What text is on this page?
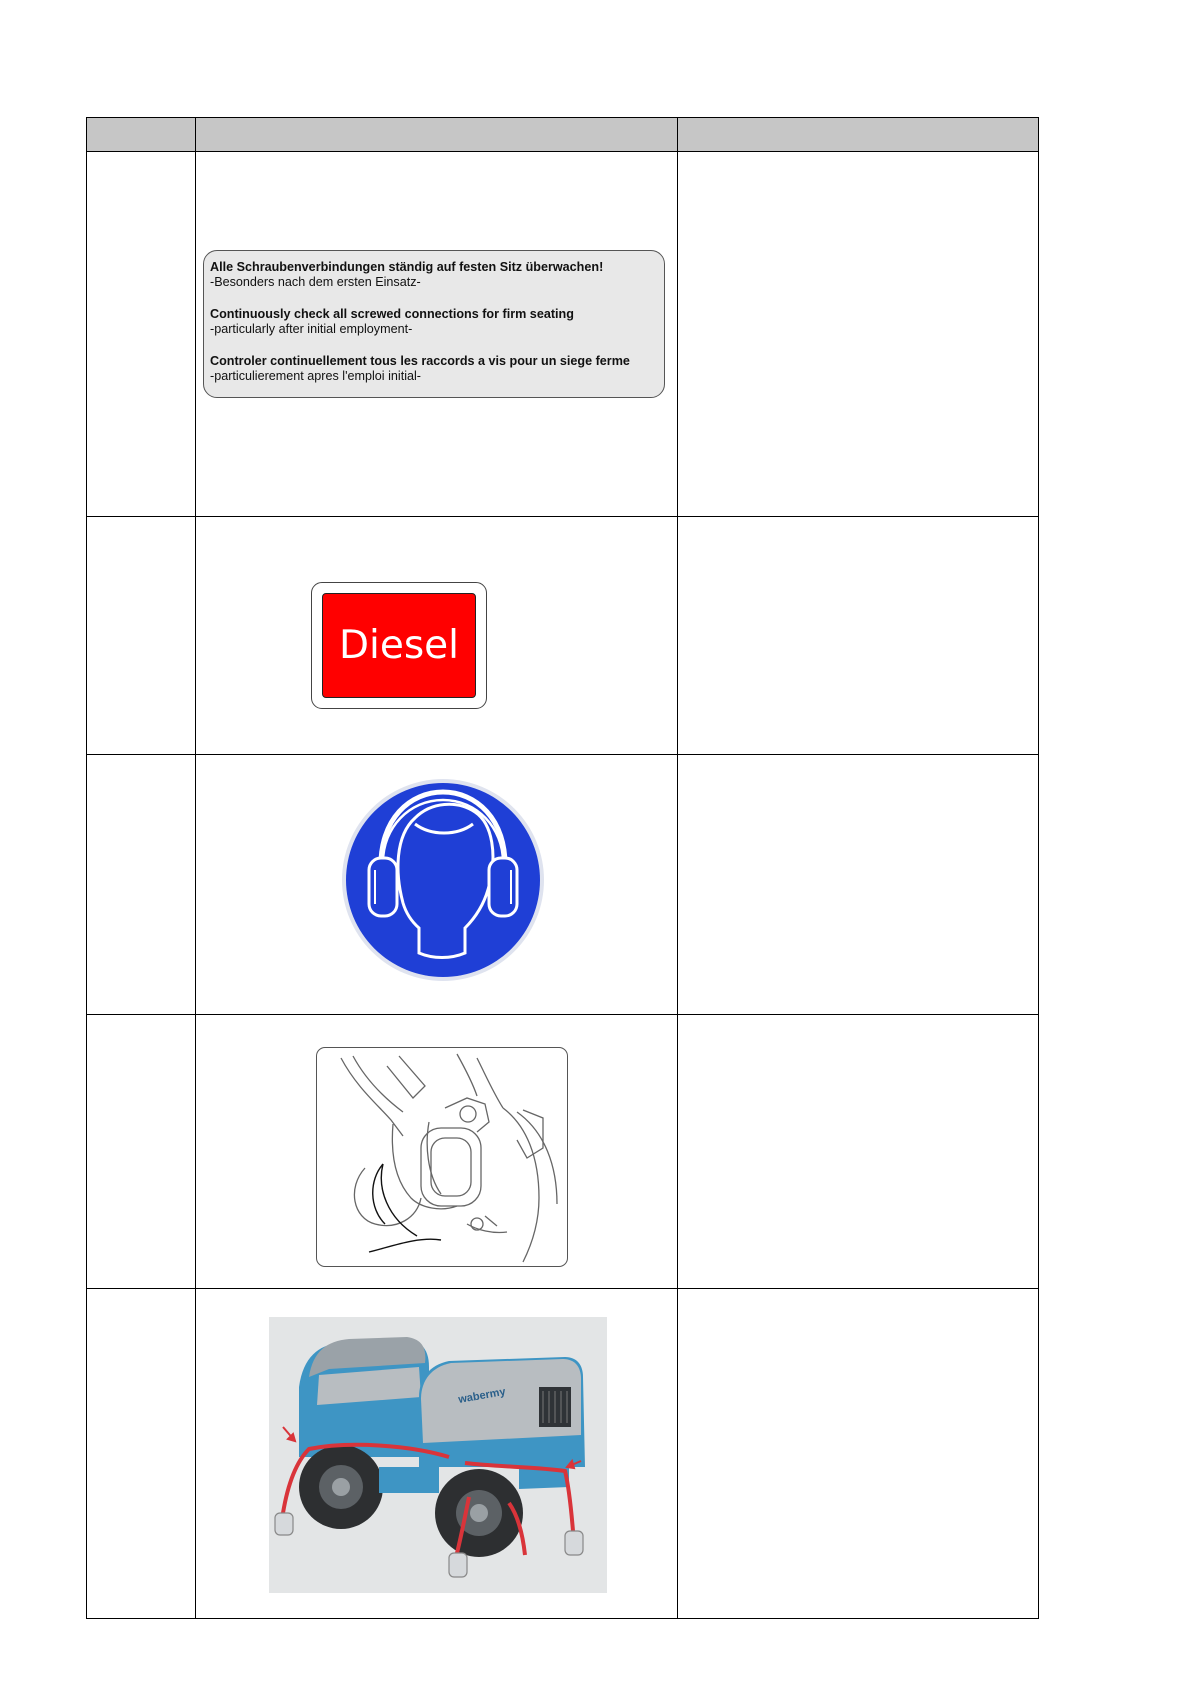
Alle Schraubenverbindungen ständig auf festen Sitz überwachen!
-Besonders nach dem ersten Einsatz-
Continuously check all screwed connections for firm seating
-particularly after initial employment-
Controler continuellement tous les raccords a vis pour un siege ferme
-particulierement apres l'emploi initial-
Diesel
wabermy
